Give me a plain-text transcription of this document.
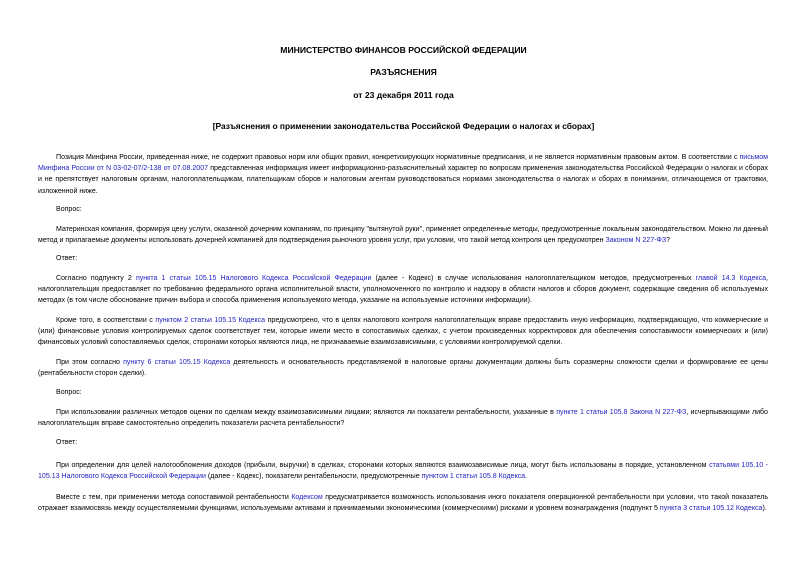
МИНИСТЕРСТВО ФИНАНСОВ РОССИЙСКОЙ ФЕДЕРАЦИИ
РАЗЪЯСНЕНИЯ
от 23 декабря 2011 года
[Разъяснения о применении законодательства Российской Федерации о налогах и сборах]
Позиция Минфина России, приведенная ниже, не содержит правовых норм или общих правил, конкретизирующих нормативные предписания, и не является нормативным правовым актом. В соответствии с письмом Минфина России от N 03-02-07/2-138 от 07.08.2007 представленная информация имеет информационно-разъяснительный характер по вопросам применения законодательства Российской Федерации о налогах и сборах и не препятствует налоговым органам, налогоплательщикам, плательщикам сборов и налоговым агентам руководствоваться нормами законодательства о налогах и сборах в понимании, отличающемся от трактовки, изложенной ниже.
Вопрос:
Материнская компания, формируя цену услуги, оказанной дочерним компаниям, по принципу "вытянутой руки", применяет определенные методы, предусмотренные локальным законодательством. Можно ли данный метод и прилагаемые документы использовать дочерней компанией для подтверждения рыночного уровня услуг, при условии, что такой метод контроля цен предусмотрен Законом N 227-ФЗ?
Ответ:
Согласно подпункту 2 пункта 1 статьи 105.15 Налогового Кодекса Российской Федерации (далее - Кодекс) в случае использования налогоплательщиком методов, предусмотренных главой 14.3 Кодекса, налогоплательщик предоставляет по требованию федерального органа исполнительной власти, уполномоченного по контролю и надзору в области налогов и сборов документ, содержащие сведения об используемых методах (в том числе обоснование причин выбора и способа применения используемого метода, указание на используемые источники информации).
Кроме того, в соответствии с пунктом 2 статьи 105.15 Кодекса предусмотрено, что в целях налогового контроля налогоплательщик вправе предоставить иную информацию, подтверждающую, что коммерческие и (или) финансовые условия контролируемых сделок соответствует тем, которые имели место в сопоставимых сделках, с учетом произведенных корректировок для обеспечения сопоставимости коммерческих и (или) финансовых условий сопоставляемых сделок, сторонами которых являются лица, не признаваемые взаимозависимыми, с условиями контролируемой сделки.
При этом согласно пункту 6 статьи 105.15 Кодекса деятельность и основательность представляемой в налоговые органы документации должны быть соразмерны сложности сделки и формирование ее цены (рентабельности сторон сделки).
Вопрос:
При использовании различных методов оценки по сделкам между взаимозависимыми лицами; являются ли показатели рентабельности, указанные в пункте 1 статьи 105.8 Закона N 227-ФЗ, исчерпывающими либо налогоплательщик вправе самостоятельно определить показатели расчета рентабельности?
Ответ:
При определении для целей налогообложения доходов (прибыли, выручки) в сделках, сторонами которых являются взаимозависимые лица, могут быть использованы в порядке, установленном статьями 105.10 - 105.13 Налогового Кодекса Российской Федерации (далее - Кодекс), показатели рентабельности, предусмотренные пунктом 1 статьи 105.8 Кодекса.
Вместе с тем, при применении метода сопоставимой рентабельности Кодексом предусматривается возможность использования иного показателя операционной рентабельности при условии, что такой показатель отражает взаимосвязь между осуществляемыми функциями, используемыми активами и принимаемыми экономическими (коммерческими) рисками и уровнем вознаграждения (подпункт 5 пункта 3 статьи 105.12 Кодекса).
